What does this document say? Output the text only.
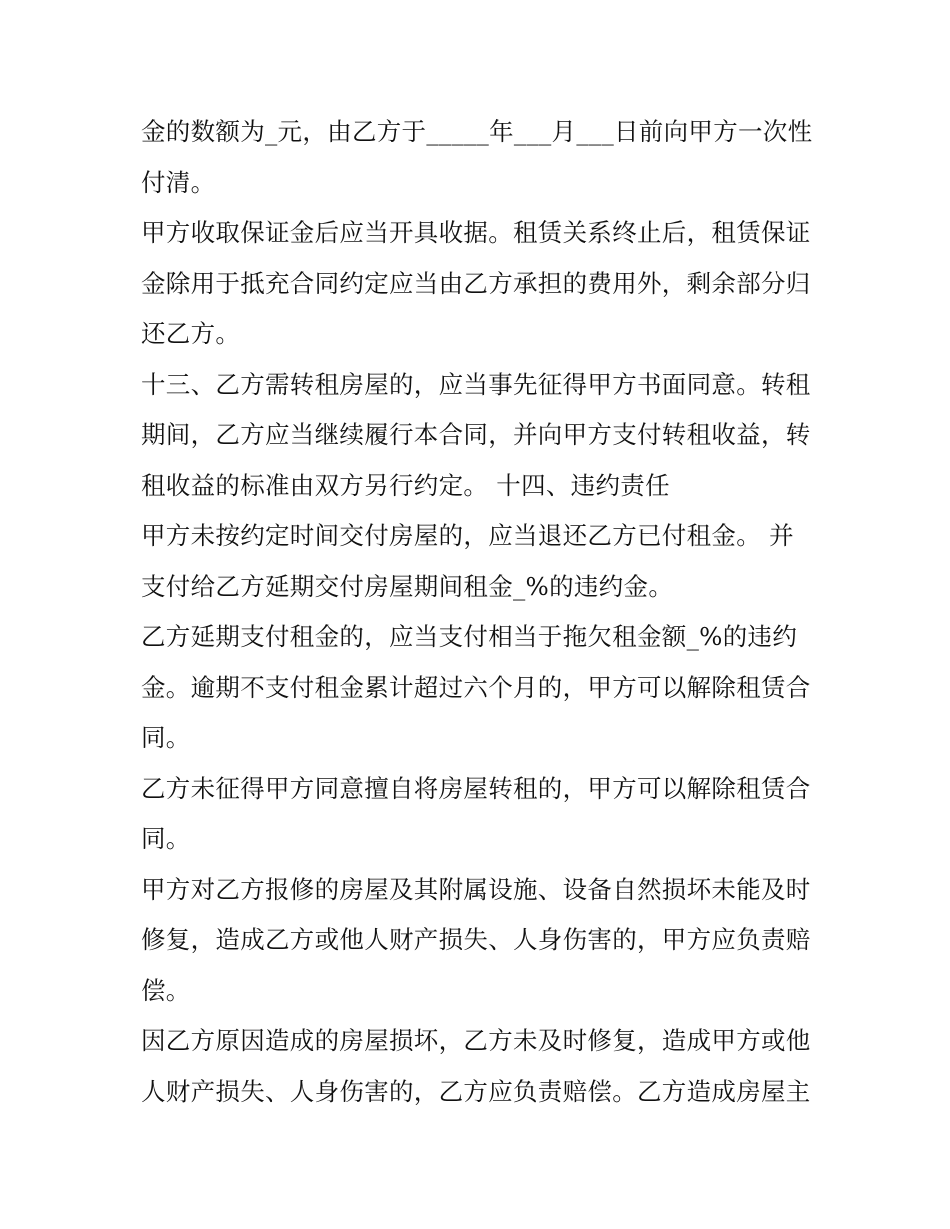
金的数额为_元，由乙方于_____年___月___日前向甲方一次性

付清。

甲方收取保证金后应当开具收据。租赁关系终止后，租赁保证

金除用于抵充合同约定应当由乙方承担的费用外，剩余部分归

还乙方。

十三、乙方需转租房屋的，应当事先征得甲方书面同意。转租

期间，乙方应当继续履行本合同，并向甲方支付转租收益，转

租收益的标准由双方另行约定。 十四、违约责任

甲方未按约定时间交付房屋的，应当退还乙方已付租金。 并

支付给乙方延期交付房屋期间租金_%的违约金。

乙方延期支付租金的，应当支付相当于拖欠租金额_%的违约

金。逾期不支付租金累计超过六个月的，甲方可以解除租赁合

同。

乙方未征得甲方同意擅自将房屋转租的，甲方可以解除租赁合

同。

甲方对乙方报修的房屋及其附属设施、设备自然损坏未能及时

修复，造成乙方或他人财产损失、人身伤害的，甲方应负责赔

偿。

因乙方原因造成的房屋损坏，乙方未及时修复，造成甲方或他

人财产损失、人身伤害的，乙方应负责赔偿。乙方造成房屋主
